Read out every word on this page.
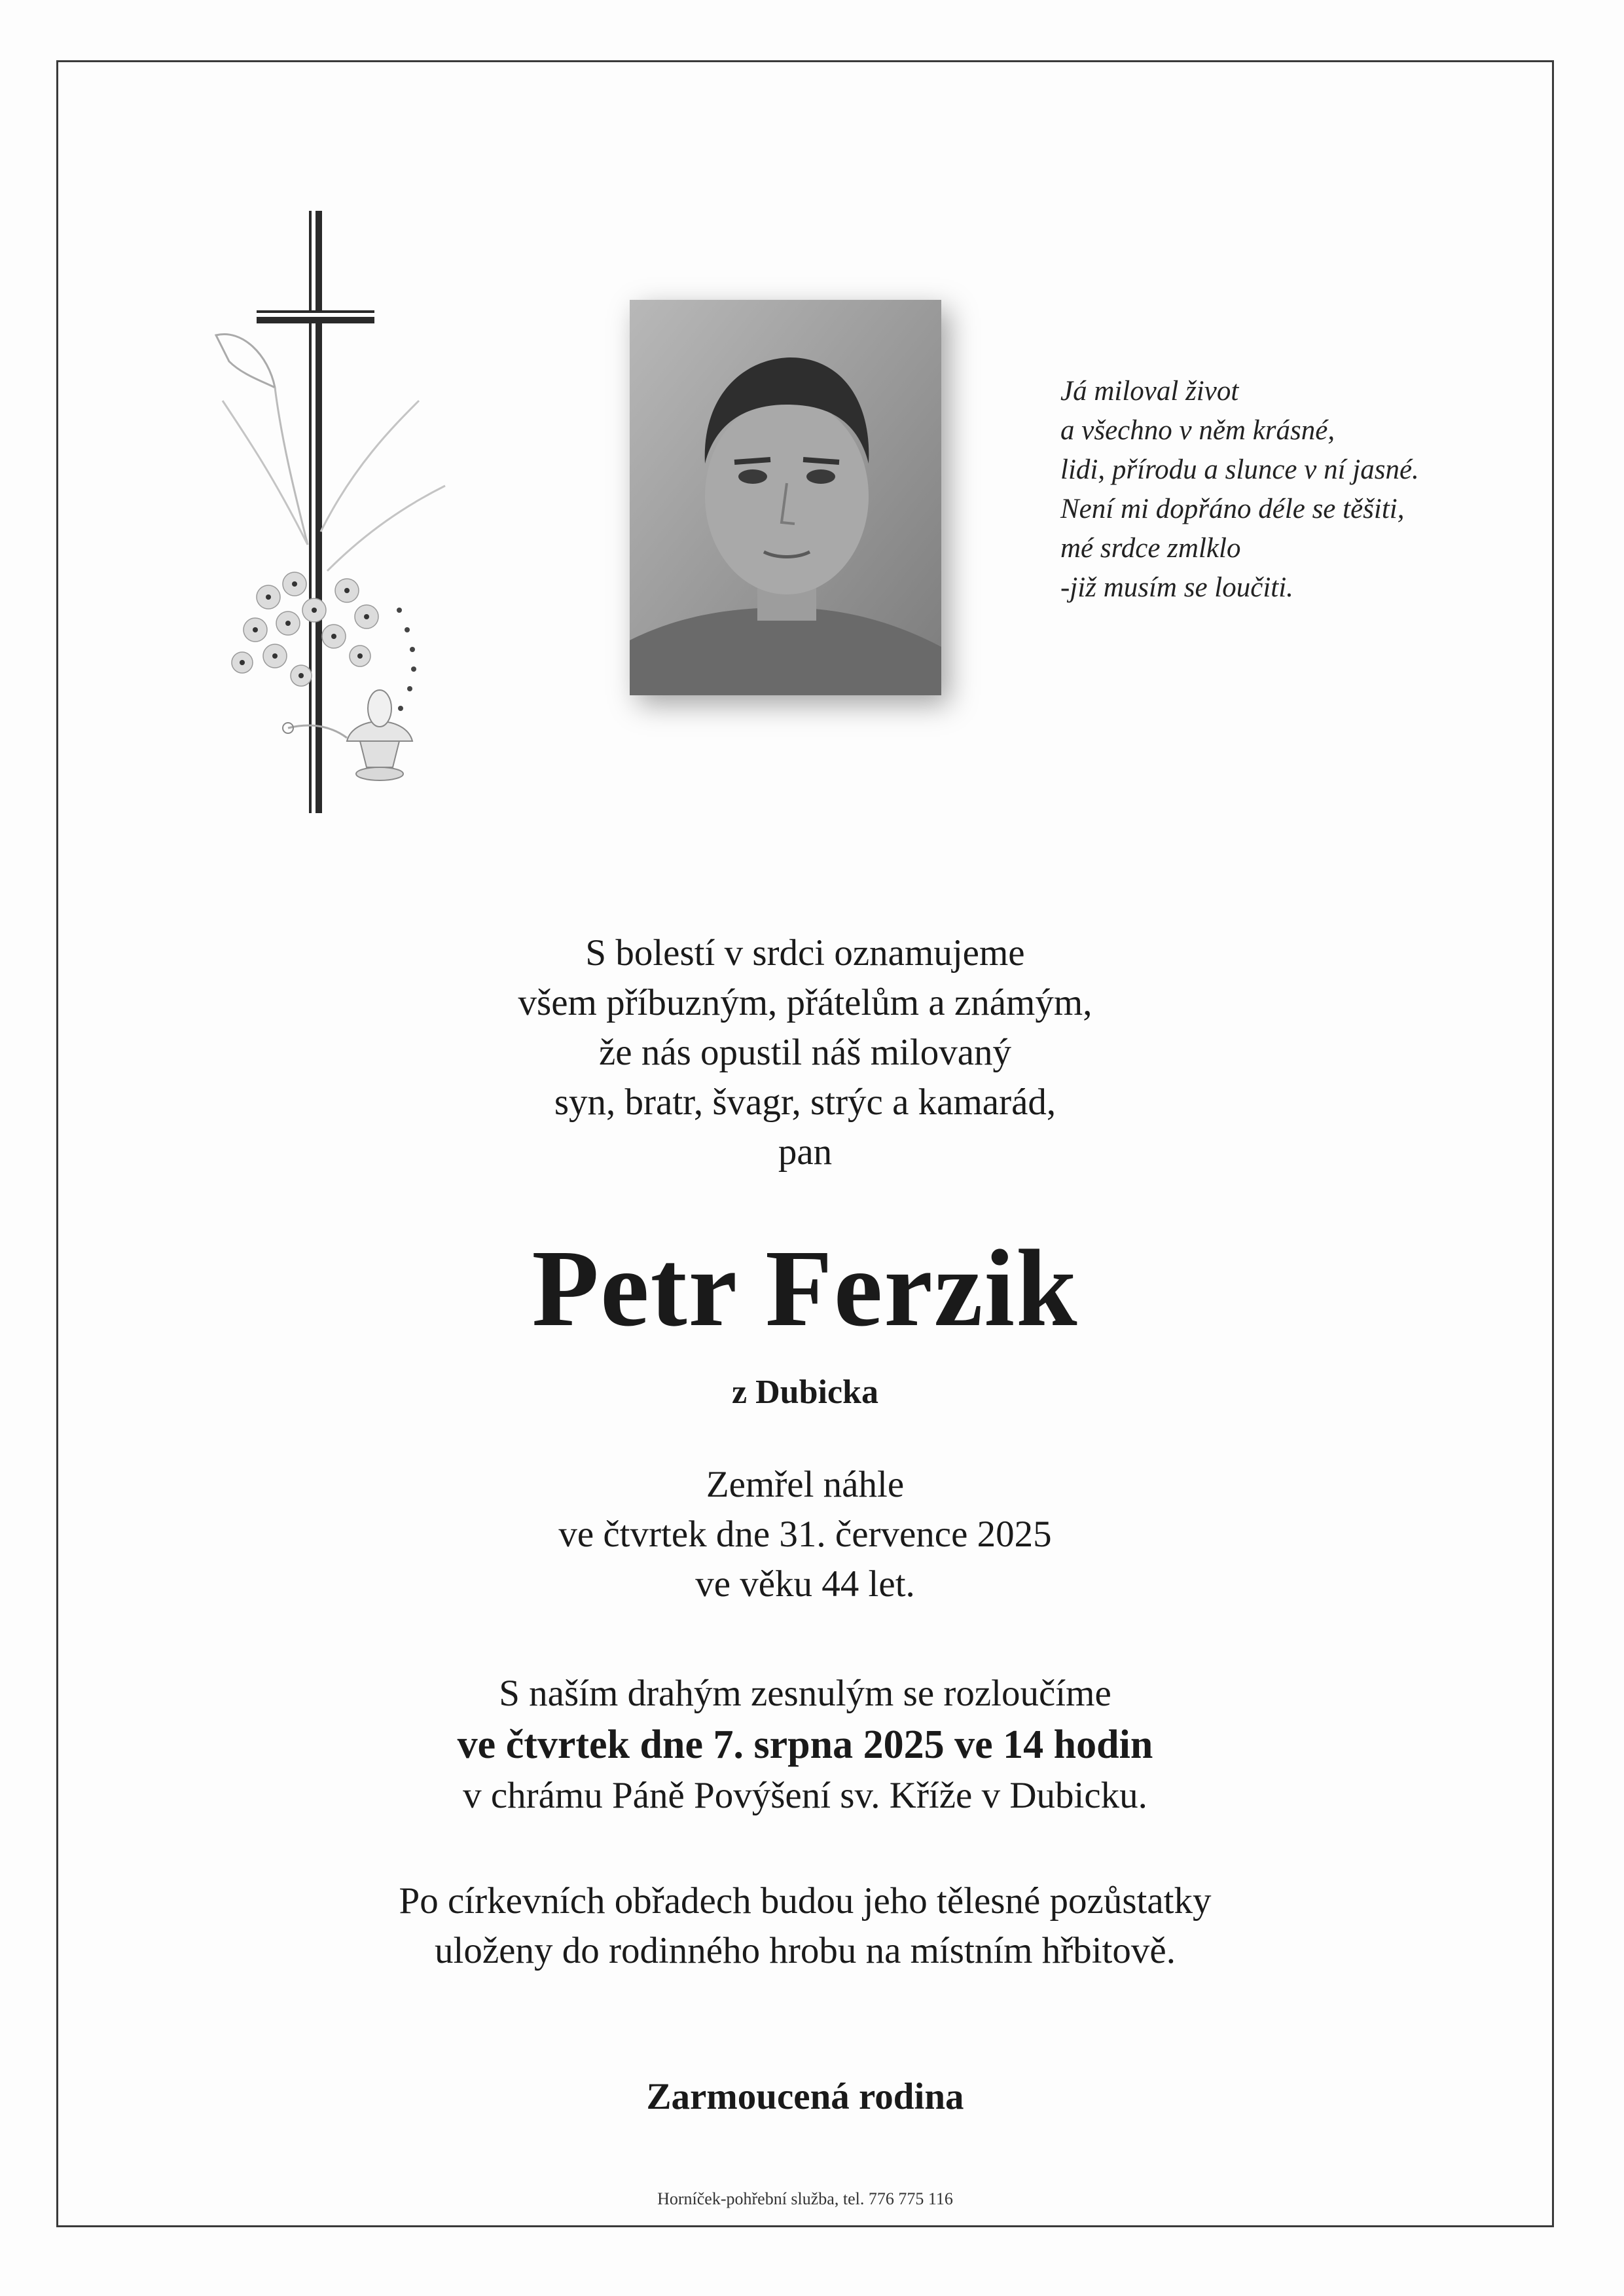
Já miloval život
a všechno v něm krásné,
lidi, přírodu a slunce v ní jasné.
Není mi dopřáno déle se těšiti,
mé srdce zmlklo
-již musím se loučiti.
S bolestí v srdci oznamujeme
všem příbuzným, přátelům a známým,
že nás opustil náš milovaný
syn, bratr, švagr, strýc a kamarád,
pan
Petr Ferzik
z Dubicka
Zemřel náhle
ve čtvrtek dne 31. července 2025
ve věku 44 let.
S naším drahým zesnulým se rozloučíme
ve čtvrtek dne 7. srpna 2025 ve 14 hodin
v chrámu Páně Povýšení sv. Kříže v Dubicku.
Po církevních obřadech budou jeho tělesné pozůstatky
uloženy do rodinného hrobu na místním hřbitově.
Zarmoucená rodina
Horníček-pohřební služba, tel. 776 775 116
